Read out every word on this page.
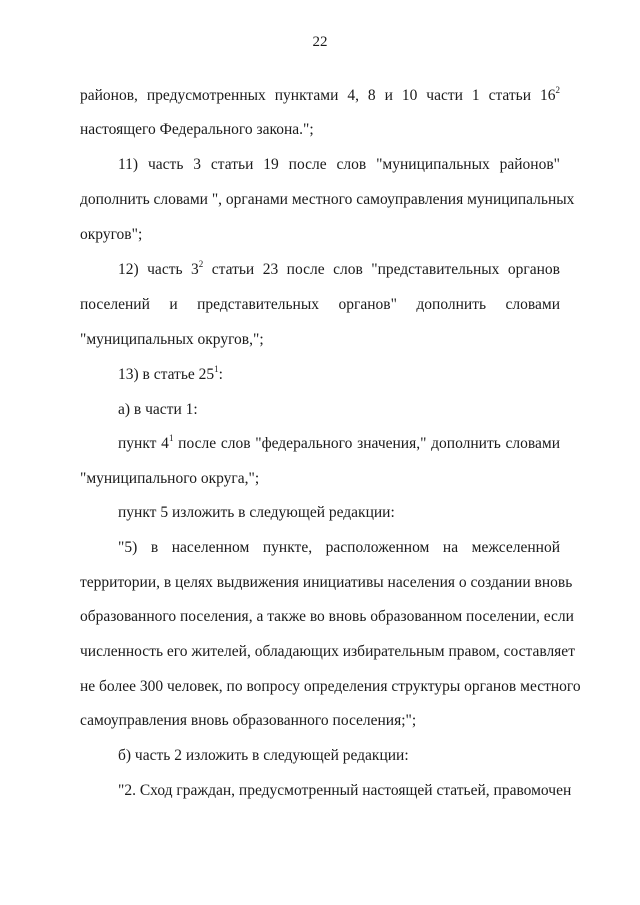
22
районов, предусмотренных пунктами 4, 8 и 10 части 1 статьи $16^2$
настоящего Федерального закона.";
11) часть 3 статьи 19 после слов "муниципальных районов"
дополнить словами ", органами местного самоуправления муниципальных
округов";
12) часть $3^2$ статьи 23 после слов "представительных органов
поселений и представительных органов" дополнить словами
"муниципальных округов,";
13) в статье $25^1$:
а) в части 1:
пункт $4^1$ после слов "федерального значения," дополнить словами
"муниципального округа,";
пункт 5 изложить в следующей редакции:
"5) в населенном пункте, расположенном на межселенной
территории, в целях выдвижения инициативы населения о создании вновь
образованного поселения, а также во вновь образованном поселении, если
численность его жителей, обладающих избирательным правом, составляет
не более 300 человек, по вопросу определения структуры органов местного
самоуправления вновь образованного поселения;";
б) часть 2 изложить в следующей редакции:
"2. Сход граждан, предусмотренный настоящей статьей, правомочен
